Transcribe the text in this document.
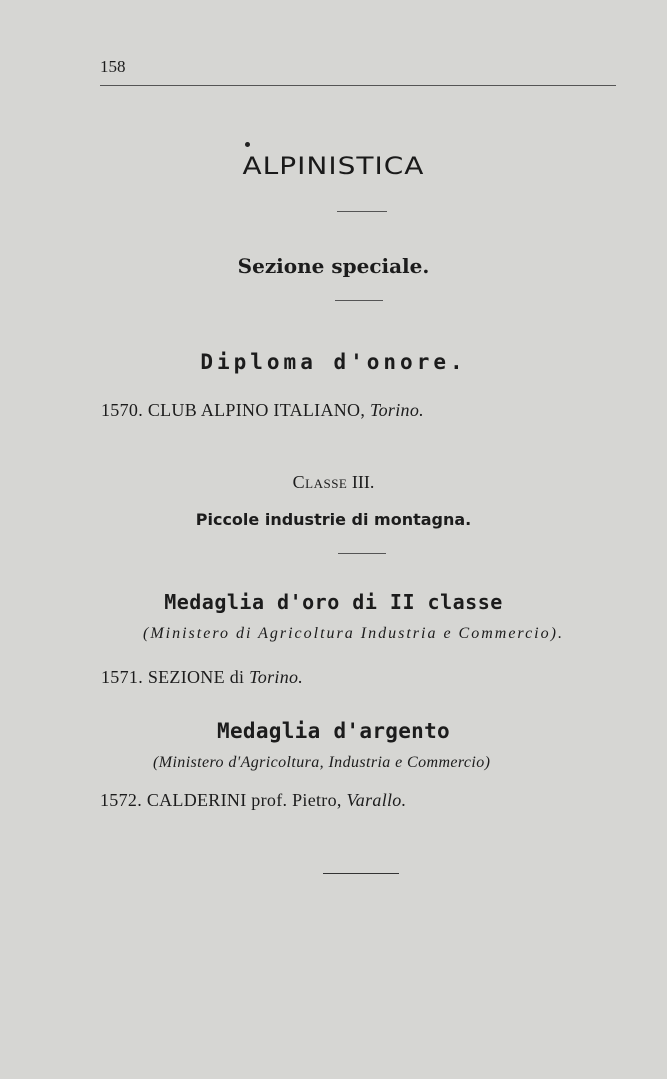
158
ALPINISTICA
Sezione speciale.
Diploma d'onore.
1570. CLUB ALPINO ITALIANO, Torino.
Classe III.
Piccole industrie di montagna.
Medaglia d'oro di II classe
(Ministero di Agricoltura Industria e Commercio).
1571. SEZIONE di Torino.
Medaglia d'argento
(Ministero d'Agricoltura, Industria e Commercio)
1572. CALDERINI prof. Pietro, Varallo.
